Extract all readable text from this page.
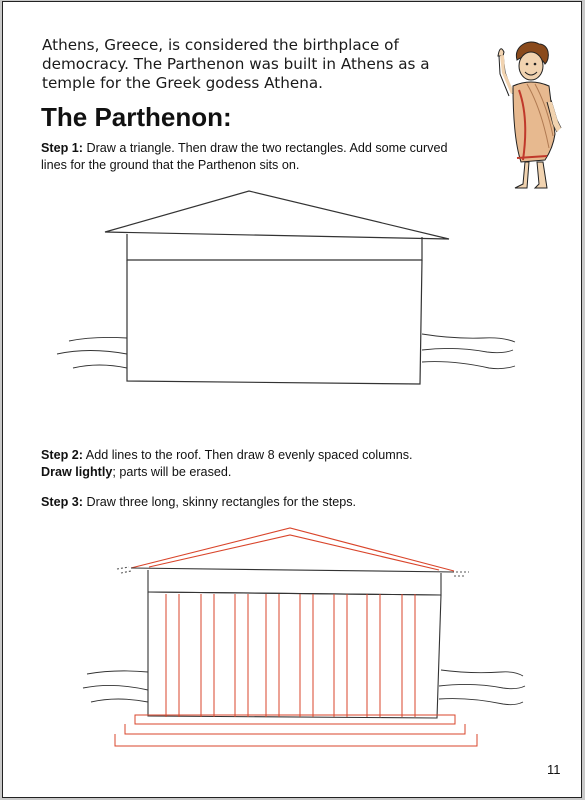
Athens, Greece, is considered the birthplace of democracy. The Parthenon was built in Athens as a temple for the Greek godess Athena.

The Parthenon:

Step 1: Draw a triangle. Then draw the two rectangles. Add some curved lines for the ground that the Parthenon sits on.

Step 2: Add lines to the roof. Then draw 8 evenly spaced columns.
Draw lightly; parts will be erased.

Step 3: Draw three long, skinny rectangles for the steps.

11
